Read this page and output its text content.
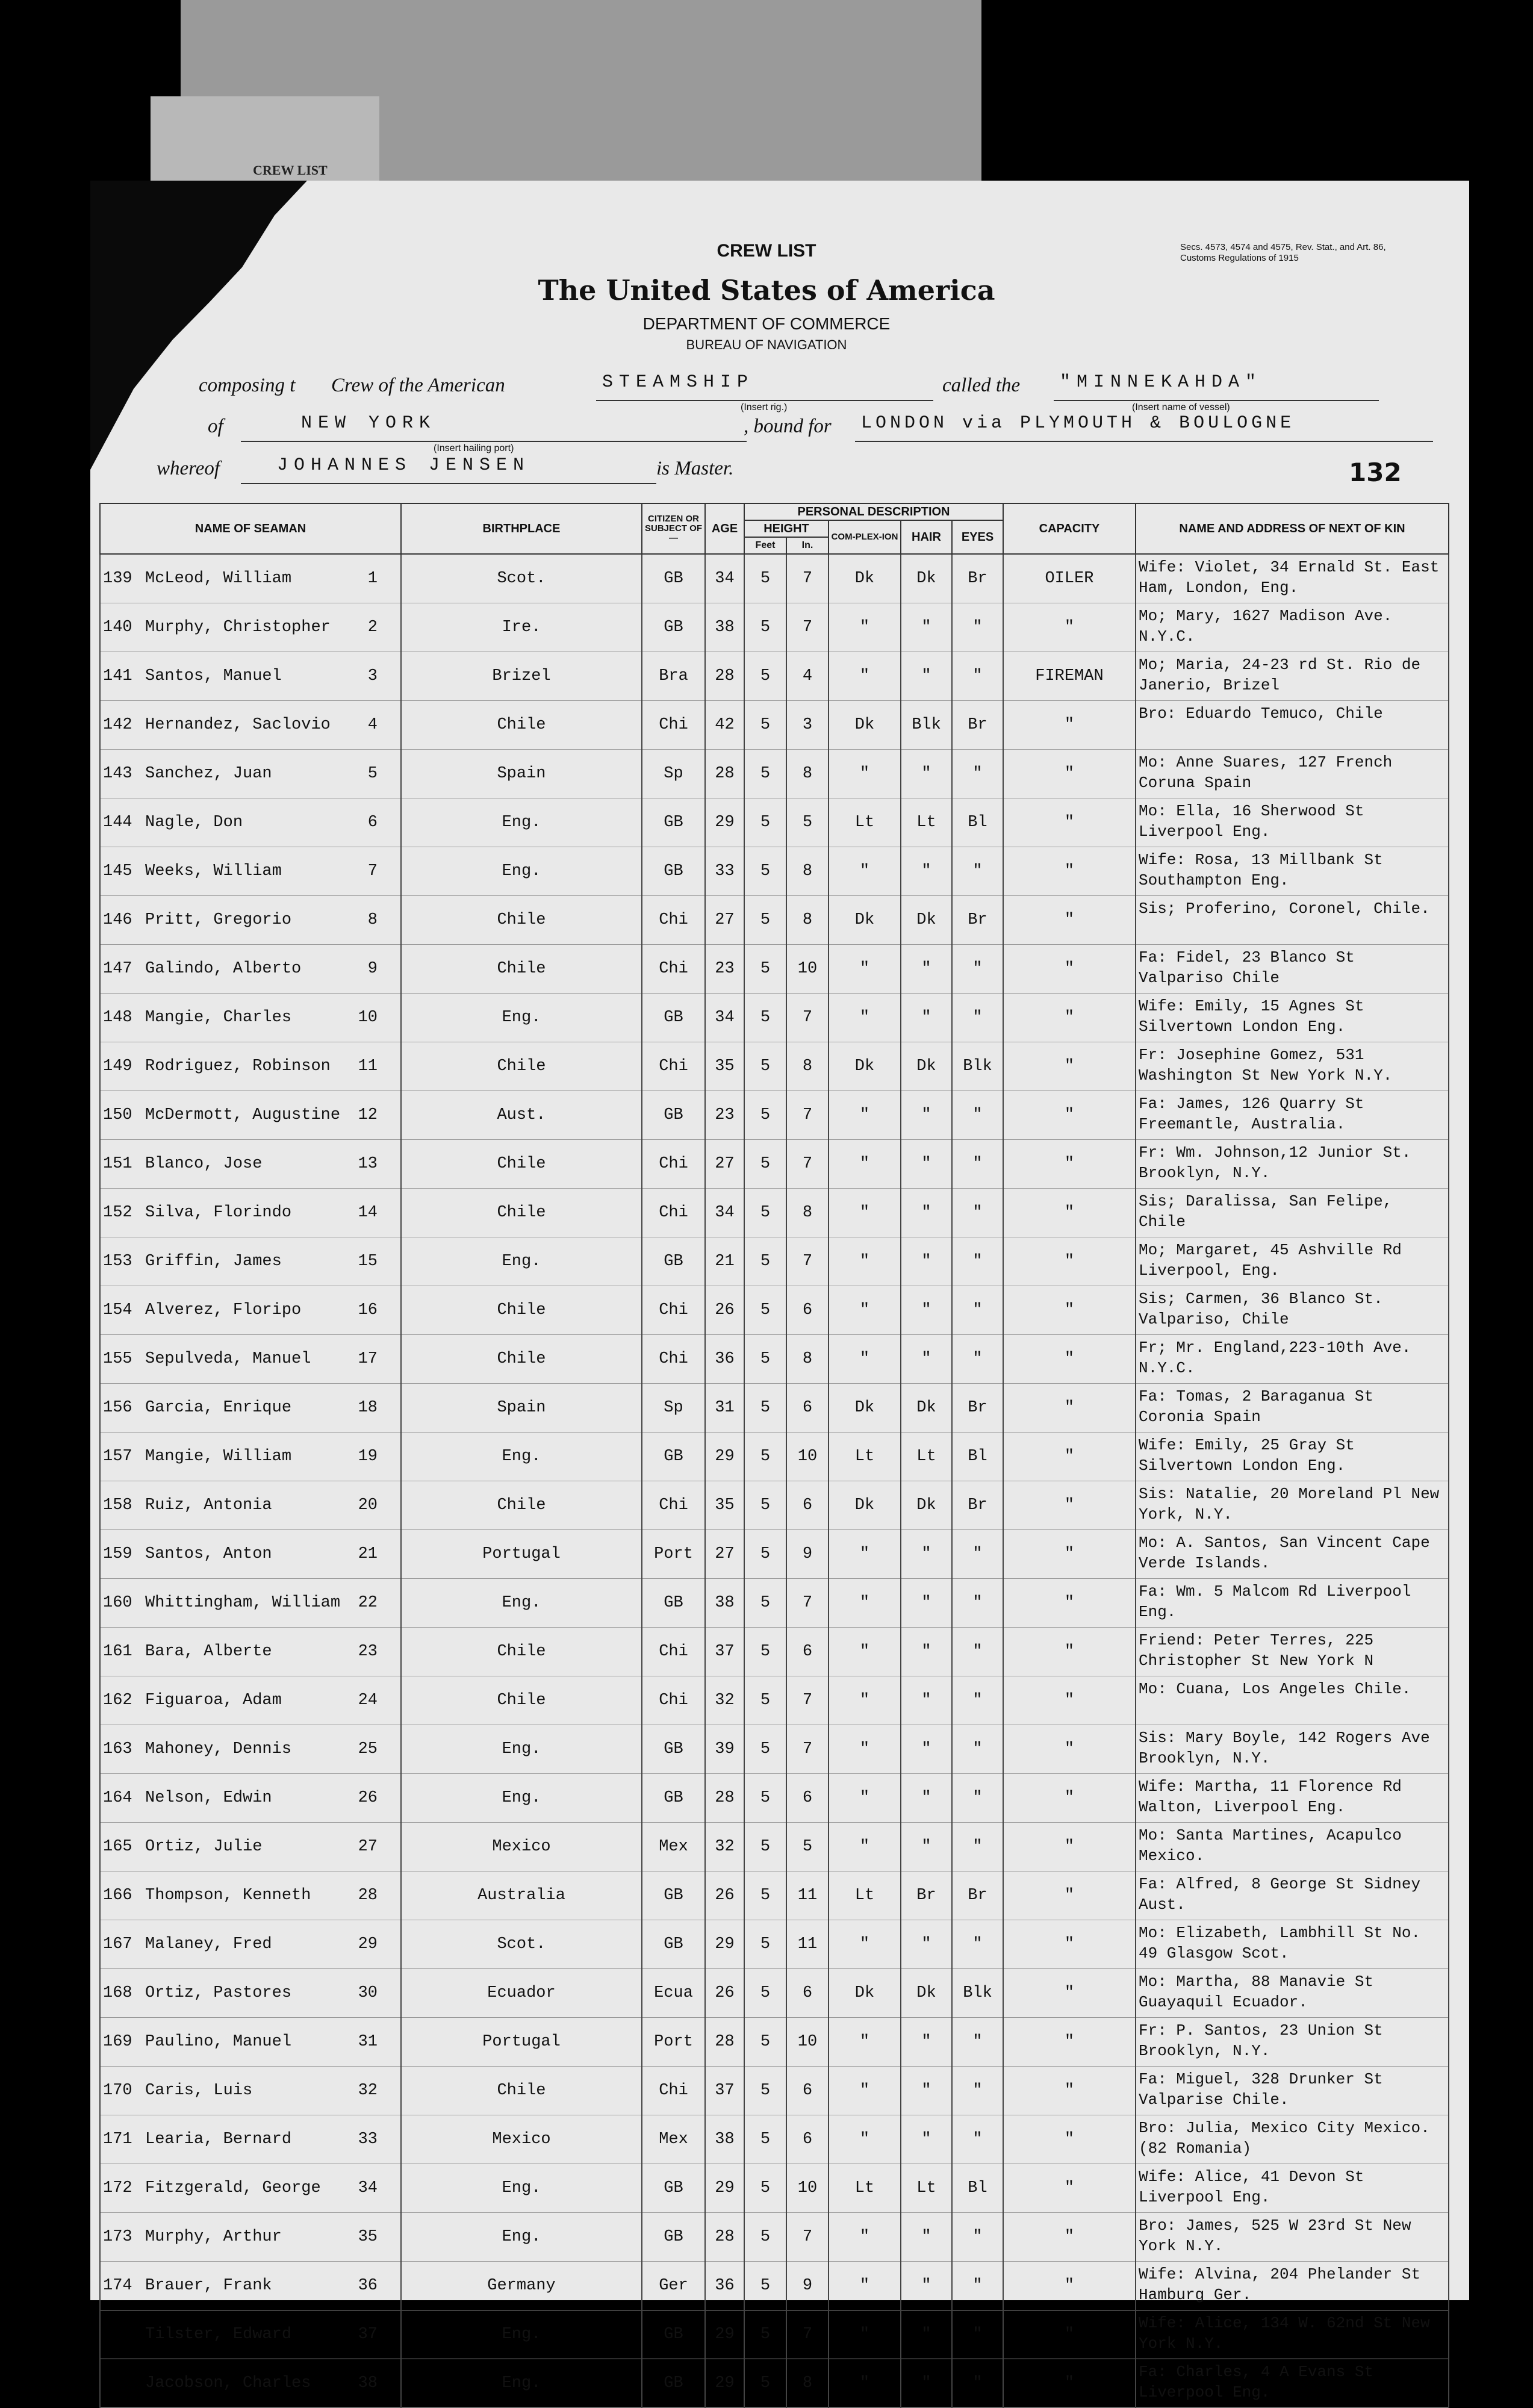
CREW LIST
CREW LIST
The United States of America
DEPARTMENT OF COMMERCE
BUREAU OF NAVIGATION
Secs. 4573, 4574 and 4575, Rev. Stat., and Art. 86, Customs Regulations of 1915
composing t Crew of the American	STEAMSHIP
(Insert rig.)
called the "MINNEKAHDA"
(Insert name of vessel)
of	NEW YORK
(Insert hailing port)
, bound for LONDON via PLYMOUTH & BOULOGNE
whereof	JOHANNES JENSEN	is Master.	132
NAME OF SEAMAN	BIRTHPLACE	CITIZEN OR SUBJECT OF—	AGE	PERSONAL DESCRIPTION					CAPACITY	NAME AND ADDRESS OF NEXT OF KIN
				HEIGHT		COM-PLEX-ION	HAIR	EYES		
				Feet	In.					
139 McLeod, William 1	Scot.	GB	34	5	7	Dk	Dk	Br	OILER	Wife: Violet, 34 Ernald St. East Ham, London, Eng.
140 Murphy, Christopher 2	Ire.	GB	38	5	7	"	"	"	"	Mo; Mary, 1627 Madison Ave. N.Y.C.
141 Santos, Manuel 3	Brizel	Bra	28	5	4	"	"	"	FIREMAN	Mo; Maria, 24-23 rd St. Rio de Janerio, Brizel
142 Hernandez, Saclovio 4	Chile	Chi	42	5	3	Dk	Blk	Br	"	Bro: Eduardo Temuco, Chile
143 Sanchez, Juan 5	Spain	Sp	28	5	8	"	"	"	"	Mo: Anne Suares, 127 French Coruna Spain
144 Nagle, Don 6	Eng.	GB	29	5	5	Lt	Lt	Bl	"	Mo: Ella, 16 Sherwood St Liverpool Eng.
145 Weeks, William 7	Eng.	GB	33	5	8	"	"	"	"	Wife: Rosa, 13 Millbank St Southampton Eng.
146 Pritt, Gregorio 8	Chile	Chi	27	5	8	Dk	Dk	Br	"	Sis; Proferino, Coronel, Chile.
147 Galindo, Alberto 9	Chile	Chi	23	5	10	"	"	"	"	Fa: Fidel, 23 Blanco St Valpariso Chile
148 Mangie, Charles 10	Eng.	GB	34	5	7	"	"	"	"	Wife: Emily, 15 Agnes St Silvertown London Eng.
149 Rodriguez, Robinson 11	Chile	Chi	35	5	8	Dk	Dk	Blk	"	Fr: Josephine Gomez, 531 Washington St New York N.Y.
150 McDermott, Augustine 12	Aust.	GB	23	5	7	"	"	"	"	Fa: James, 126 Quarry St Freemantle, Australia.
151 Blanco, Jose 13	Chile	Chi	27	5	7	"	"	"	"	Fr: Wm. Johnson,12 Junior St. Brooklyn, N.Y.
152 Silva, Florindo 14	Chile	Chi	34	5	8	"	"	"	"	Sis; Daralissa, San Felipe, Chile
153 Griffin, James 15	Eng.	GB	21	5	7	"	"	"	"	Mo; Margaret, 45 Ashville Rd Liverpool, Eng.
154 Alverez, Floripo 16	Chile	Chi	26	5	6	"	"	"	"	Sis; Carmen, 36 Blanco St. Valpariso, Chile
155 Sepulveda, Manuel 17	Chile	Chi	36	5	8	"	"	"	"	Fr; Mr. England,223-10th Ave. N.Y.C.
156 Garcia, Enrique 18	Spain	Sp	31	5	6	Dk	Dk	Br	"	Fa: Tomas, 2 Baraganua St Coronia Spain
157 Mangie, William 19	Eng.	GB	29	5	10	Lt	Lt	Bl	"	Wife: Emily, 25 Gray St Silvertown London Eng.
158 Ruiz, Antonia 20	Chile	Chi	35	5	6	Dk	Dk	Br	"	Sis: Natalie, 20 Moreland Pl New York, N.Y.
159 Santos, Anton 21	Portugal	Port	27	5	9	"	"	"	"	Mo: A. Santos, San Vincent Cape Verde Islands.
160 Whittingham, William 22	Eng.	GB	38	5	7	"	"	"	"	Fa: Wm. 5 Malcom Rd Liverpool Eng.
161 Bara, Alberte 23	Chile	Chi	37	5	6	"	"	"	"	Friend: Peter Terres, 225 Christopher St New York N
162 Figuaroa, Adam 24	Chile	Chi	32	5	7	"	"	"	"	Mo: Cuana, Los Angeles Chile.
163 Mahoney, Dennis 25	Eng.	GB	39	5	7	"	"	"	"	Sis: Mary Boyle, 142 Rogers Ave Brooklyn, N.Y.
164 Nelson, Edwin 26	Eng.	GB	28	5	6	"	"	"	"	Wife: Martha, 11 Florence Rd Walton, Liverpool Eng.
165 Ortiz, Julie 27	Mexico	Mex	32	5	5	"	"	"	"	Mo: Santa Martines, Acapulco Mexico.
166 Thompson, Kenneth 28	Australia	GB	26	5	11	Lt	Br	Br	"	Fa: Alfred, 8 George St Sidney Aust.
167 Malaney, Fred 29	Scot.	GB	29	5	11	"	"	"	"	Mo: Elizabeth, Lambhill St No. 49 Glasgow Scot.
168 Ortiz, Pastores 30	Ecuador	Ecua	26	5	6	Dk	Dk	Blk	"	Mo: Martha, 88 Manavie St Guayaquil Ecuador.
169 Paulino, Manuel 31	Portugal	Port	28	5	10	"	"	"	"	Fr: P. Santos, 23 Union St Brooklyn, N.Y.
170 Caris, Luis 32	Chile	Chi	37	5	6	"	"	"	"	Fa: Miguel, 328 Drunker St Valparise Chile.
171 Learia, Bernard 33	Mexico	Mex	38	5	6	"	"	"	"	Bro: Julia, Mexico City Mexico. (82 Romania)
172 Fitzgerald, George 34	Eng.	GB	29	5	10	Lt	Lt	Bl	"	Wife: Alice, 41 Devon St Liverpool Eng.
173 Murphy, Arthur 35	Eng.	GB	28	5	7	"	"	"	"	Bro: James, 525 W 23rd St New York N.Y.
174 Brauer, Frank 36	Germany	Ger	36	5	9	"	"	"	"	Wife: Alvina, 204 Phelander St Hamburg Ger.
Tilster, Edward 37	Eng.	GB	29	5	7	"	"	"	"	Wife: Alice, 134 W. 62nd St New York N.Y.
Jacobson, Charles 38	Eng.	GB	29	5	8	"	"	"	"	Fa: Charles, 4 A Evans St Liverpool Eng.
